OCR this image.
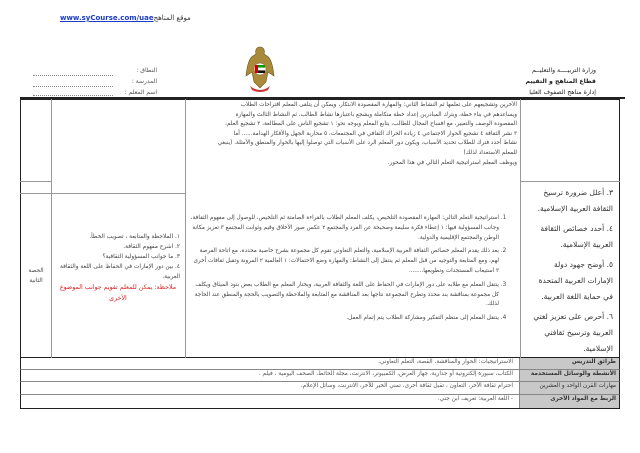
www.syCourse.com/uaeموقع المناهج
وزارة التربيــــة والتعليــم
قطاع المناهج و التقييم
إدارة مناهج الصفوف العليا
النطاق :
المدرسة :
اسم المعلم :
الآخرين وتشجيعهم على تعلمها ثم النشاط الثاني: والمهارة المقصودة الابتكار، ويمكن أن يتلقى المعلم اقتراحات الطلاب
ويساعدهم في بناء خطة، ويترك المبادرين إعداد خطة متكاملة ويشجع باعتبارها نشاط الطالب، ثم النشاط الثالث والمهارة
المقصودة الوصف والتعبير، مع افساح المجال للطالب، يتابع المعلم ويوجه نحو: ١ تشجيع الناس على المطالعة، ٢ تشجيع العلم،
٣ نشر الثقافة ٤ تشجيع الحوار الاجتماعي ٤ زيادة الحراك الثقافي في المجتمعات، ٥ محاربة الجهل والأفكار الهدامة...... أما
نشاط أحدد فترك للطلاب تحديد الأسباب، ويكون دور المعلم الرد على الأسباب التي توصلوا إليها بالحوار والمنطق والأمثلة. (ينبغي
للمعلم الاستعداد لذلك)
ويوظف المعلم استراتيجية التعلم التالي في هذا المحور.
٣. أعلل ضرورة ترسيخ الثقافة العربية الإسلامية.
٤. أحدد خصائص الثقافة العربية الإسلامية.
٥. أوضح جهود دولة الإمارات العربية المتحدة في حماية اللغة العربية.
٦. أحرص على تعزيز لغتي العربية وترسيخ ثقافتي الإسلامية.
1. استراتيجية التعلم التالي: المهارة المقصودة التلخيص، يكلف المعلم الطلاب بالقراءة الصامتة ثم التلخيص، للوصول إلى مفهوم الثقافة، وجانب المسؤولية فيها: ١ إعطاء فكرة سليمة وصحيحة عن الفرد والمجتمع ٢ عكس صور الأخلاق وقيم وثوابت المجتمع ٣ تعزيز مكانة الوطن والمجتمع الإقليمية والدولية.
2. بعد ذلك يقدم المعلم خصائص الثقافة العربية الإسلامية، والتعلم التعاوني تقوم كل مجموعة بشرح خاصية محددة، مع اتاحة الفرصة لهم، ومع المتابعة والتوجيه من قبل المعلم ثم ينتقل إلى النشاط: والمهارة وضع الاحتمالات: ١ العالمية ٢ المرونة وتقبل ثقافات أخرى ٣ استيعاب المستجدات وتطويعها........
3. ينتقل المعلم مع طلابه على دور الإمارات في الحفاظ على اللغة والثقافة العربية، ويختار المعلم مع الطلاب بعض بنود الميثاق ويكلف كل مجموعة بمناقشة بند محدد وتطرح المجموعة نتاجها بعد المناقشة مع المتابعة والملاحظة والتصويب بالحجة والمنطق عند الحاجة لذلك.
4. ينتقل المعلم إلى منظم التفكير ومشاركة الطلاب يتم إتمام العمل.
١. الملاحظة والمتابعة ، تصويب الخطأ.
٢. اشرح مفهوم الثقافة.
٣. ما جوانب المسؤولية الثقافية؟
٤. بين دور الإمارات في الحفاظ على اللغة والثقافة العربية.
ملاحظة: يمكن للمعلم تقويم جوانب الموضوع الأخرى
الحصة الثانية
طرائق التدريس
الاستراتيجيات: الحوار والمناقشة، القصة، التعلم التعاوني.
الأنشطة والوسائل المستخدمة
الكتاب، سبورة إلكترونية أو جدارية، جهاز العرض، الكمبيوتر، الانترنت، مجلة الحائط، الصحف اليومية ، فيلم .
مهارات القرن الواحد و العشرين
احترام ثقافة الآخر، التعاون ، تقبل ثقافة أخرى، تمني الخير للآخر، الانترنت، وسائل الإعلام.
الربط مع المواد الأخرى
- اللغة العربية: تعريف ابن جني.
